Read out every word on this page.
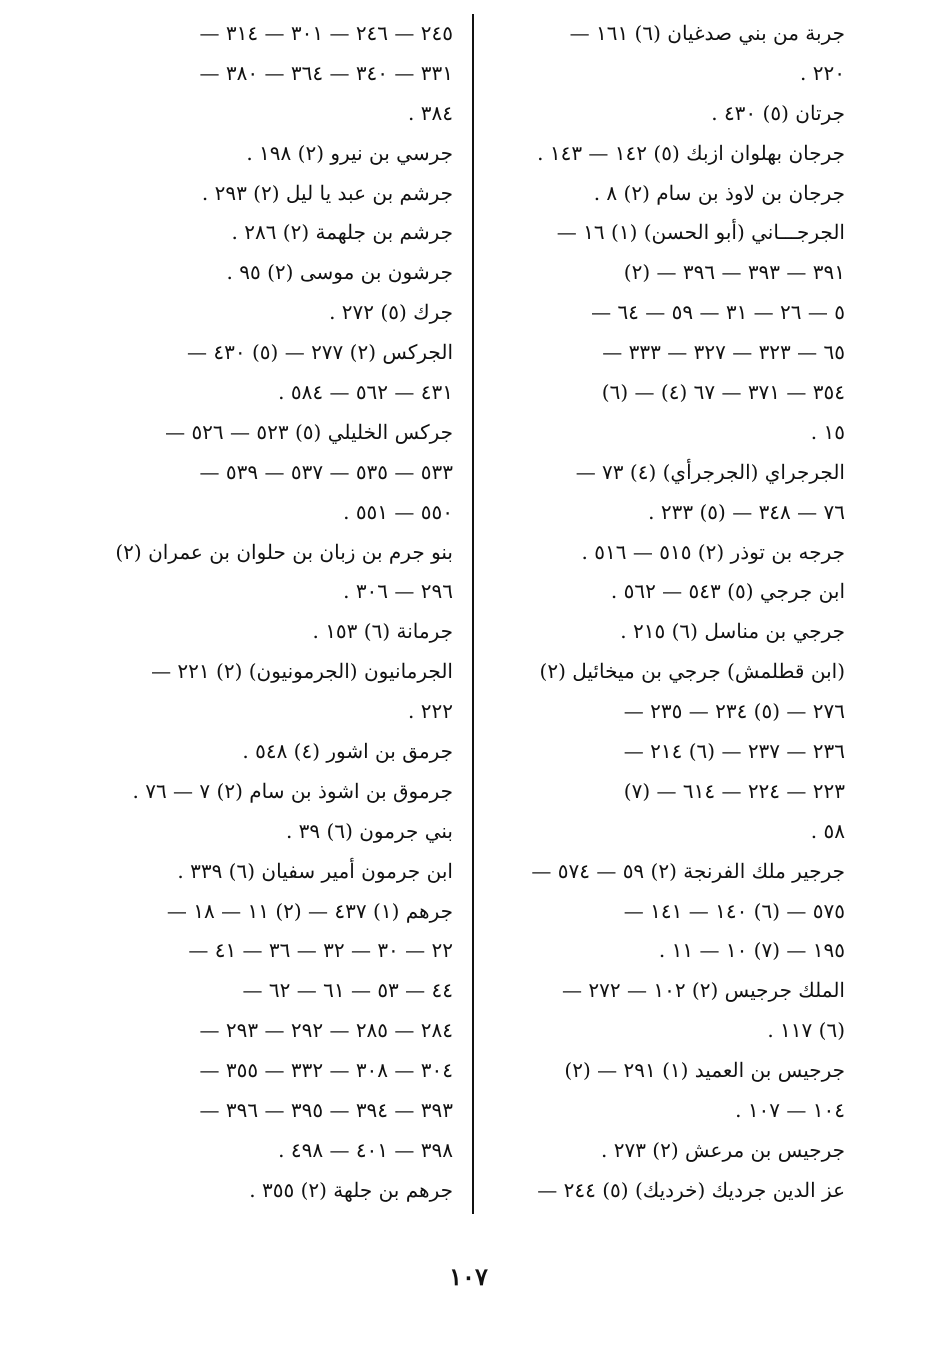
جربة من بني صدغيان (٦) ١٦١ —
٢٢٠ .
جرتان (٥) ٤٣٠ .
جرجان بهلوان ازبك (٥) ١٤٢ — ١٤٣ .
جرجان بن لاوذ بن سام (٢) ٨ .
الجرجـــاني (أبو الحسن) (١) ١٦ —
٣٩١ — ٣٩٣ — ٣٩٦ — (٢)
٥ — ٢٦ — ٣١ — ٥٩ — ٦٤ —
٦٥ — ٣٢٣ — ٣٢٧ — ٣٣٣ —
٣٥٤ — ٣٧١ — ٦٧ (٤) — (٦)
١٥ .
الجرجراي (الجرجرأي) (٤) ٧٣ —
٧٦ — ٣٤٨ — (٥) ٢٣٣ .
جرجه بن توذر (٢) ٥١٥ — ٥١٦ .
ابن جرجي (٥) ٥٤٣ — ٥٦٢ .
جرجي بن مناسل (٦) ٢١٥ .
(ابن قطلمش) جرجي بن ميخائيل (٢)
٢٧٦ — (٥) ٢٣٤ — ٢٣٥ —
٢٣٦ — ٢٣٧ — (٦) ٢١٤ —
٢٢٣ — ٢٢٤ — ٦١٤ — (٧)
٥٨ .
جرجير ملك الفرنجة (٢) ٥٩ — ٥٧٤ —
٥٧٥ — (٦) ١٤٠ — ١٤١ —
١٩٥ — (٧) ١٠ — ١١ .
الملك جرجيس (٢) ١٠٢ — ٢٧٢ —
(٦) ١١٧ .
جرجيس بن العميد (١) ٢٩١ — (٢)
١٠٤ — ١٠٧ .
جرجيس بن مرعش (٢) ٢٧٣ .
عز الدين جرديك (خرديك) (٥) ٢٤٤ —
٢٤٥ — ٢٤٦ — ٣٠١ — ٣١٤ —
٣٣١ — ٣٤٠ — ٣٦٤ — ٣٨٠ —
٣٨٤ .
جرسي بن نيرو (٢) ١٩٨ .
جرشم بن عبد يا ليل (٢) ٢٩٣ .
جرشم بن جلهمة (٢) ٢٨٦ .
جرشون بن موسى (٢) ٩٥ .
جرك (٥) ٢٧٢ .
الجركس (٢) ٢٧٧ — (٥) ٤٣٠ —
٤٣١ — ٥٦٢ — ٥٨٤ .
جركس الخليلي (٥) ٥٢٣ — ٥٢٦ —
٥٣٣ — ٥٣٥ — ٥٣٧ — ٥٣٩ —
٥٥٠ — ٥٥١ .
بنو جرم بن زبان بن حلوان بن عمران (٢)
٢٩٦ — ٣٠٦ .
جرمانة (٦) ١٥٣ .
الجرمانيون (الجرمونيون) (٢) ٢٢١ —
٢٢٢ .
جرمق بن اشور (٤) ٥٤٨ .
جرموق بن اشوذ بن سام (٢) ٧ — ٧٦ .
بني جرمون (٦) ٣٩ .
ابن جرمون أمير سفيان (٦) ٣٣٩ .
جرهم (١) ٤٣٧ — (٢) ١١ — ١٨ —
٢٢ — ٣٠ — ٣٢ — ٣٦ — ٤١ —
٤٤ — ٥٣ — ٦١ — ٦٢ —
٢٨٤ — ٢٨٥ — ٢٩٢ — ٢٩٣ —
٣٠٤ — ٣٠٨ — ٣٣٢ — ٣٥٥ —
٣٩٣ — ٣٩٤ — ٣٩٥ — ٣٩٦ —
٣٩٨ — ٤٠١ — ٤٩٨ .
جرهم بن جلهة (٢) ٣٥٥ .
١٠٧
